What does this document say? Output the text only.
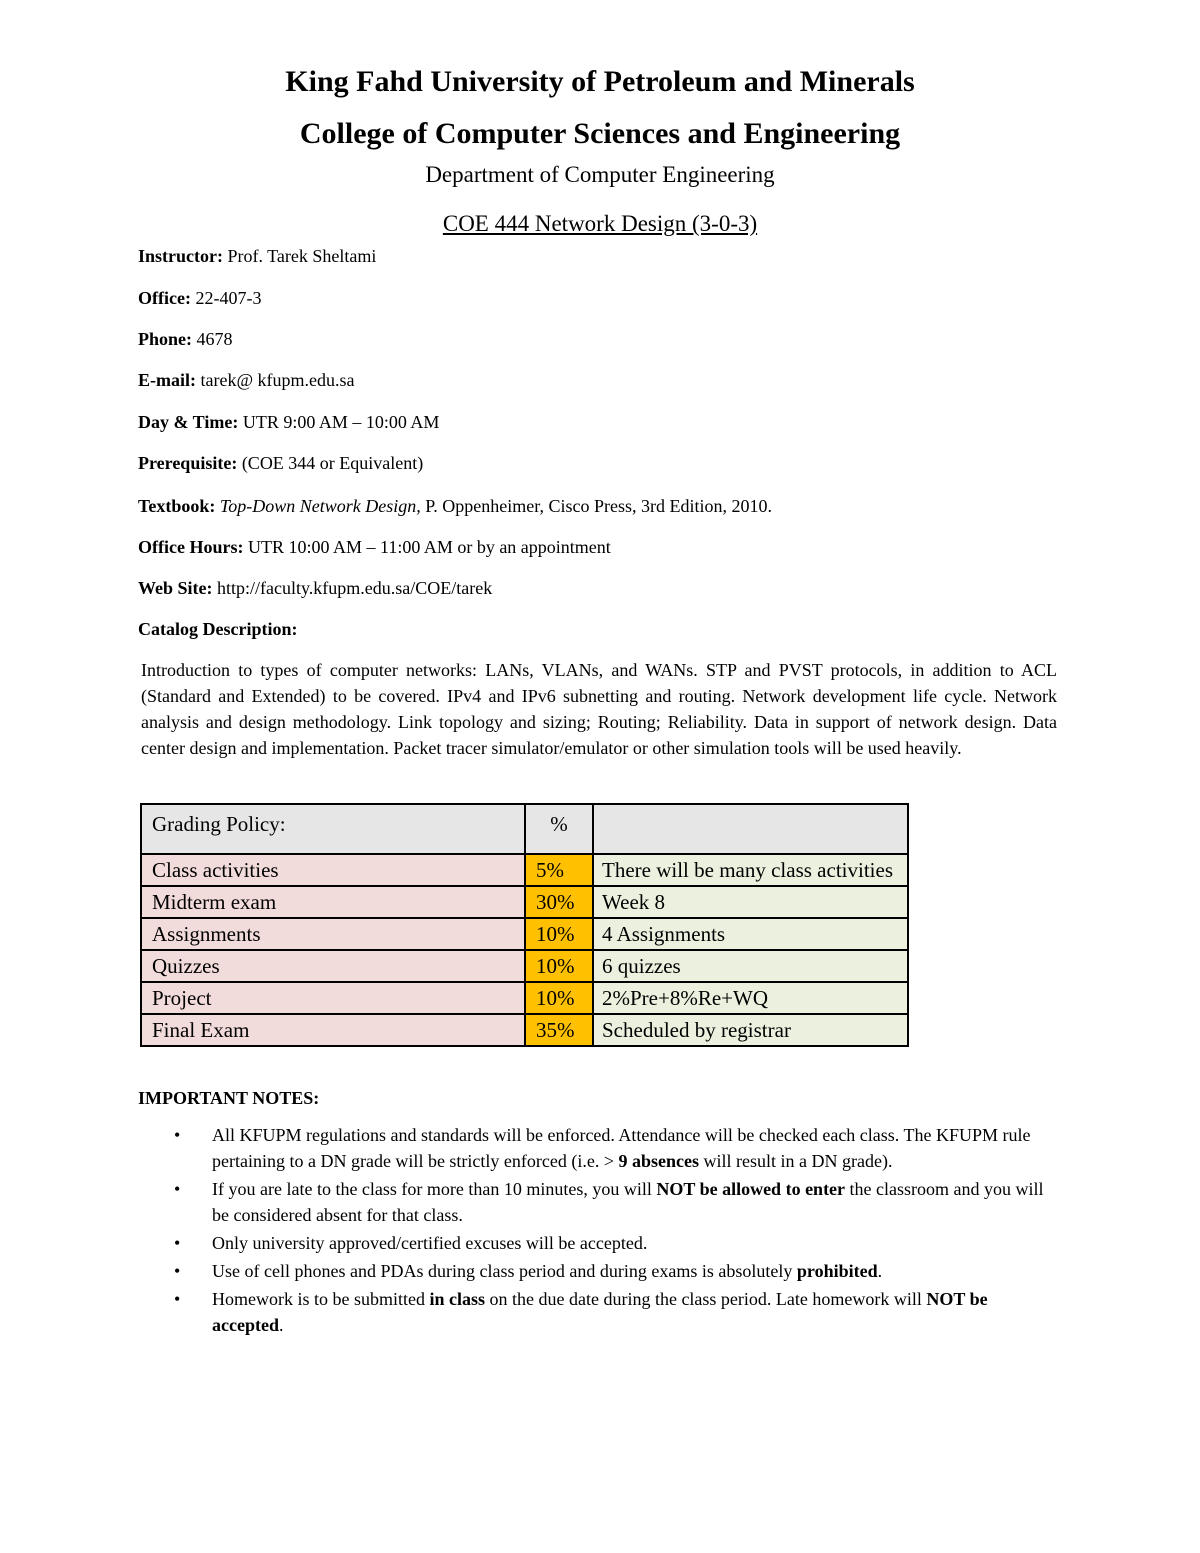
King Fahd University of Petroleum and Minerals
College of Computer Sciences and Engineering
Department of Computer Engineering
COE 444 Network Design (3-0-3)
Instructor: Prof. Tarek Sheltami
Office: 22-407-3
Phone: 4678
E-mail: tarek@ kfupm.edu.sa
Day & Time: UTR 9:00 AM – 10:00 AM
Prerequisite: (COE 344 or Equivalent)
Textbook: Top-Down Network Design, P. Oppenheimer, Cisco Press, 3rd Edition, 2010.
Office Hours: UTR 10:00 AM – 11:00 AM or by an appointment
Web Site: http://faculty.kfupm.edu.sa/COE/tarek
Catalog Description:
Introduction to types of computer networks: LANs, VLANs, and WANs. STP and PVST protocols, in addition to ACL (Standard and Extended) to be covered. IPv4 and IPv6 subnetting and routing. Network development life cycle. Network analysis and design methodology. Link topology and sizing; Routing; Reliability. Data in support of network design. Data center design and implementation. Packet tracer simulator/emulator or other simulation tools will be used heavily.
Grading Policy:	%	
Class activities	5%	There will be many class activities
Midterm exam	30%	Week 8
Assignments	10%	4 Assignments
Quizzes	10%	6 quizzes
Project	10%	2%Pre+8%Re+WQ
Final Exam	35%	Scheduled by registrar
IMPORTANT NOTES:
• All KFUPM regulations and standards will be enforced. Attendance will be checked each class. The KFUPM rule pertaining to a DN grade will be strictly enforced (i.e. > 9 absences will result in a DN grade).
• If you are late to the class for more than 10 minutes, you will NOT be allowed to enter the classroom and you will be considered absent for that class.
• Only university approved/certified excuses will be accepted.
• Use of cell phones and PDAs during class period and during exams is absolutely prohibited.
• Homework is to be submitted in class on the due date during the class period. Late homework will NOT be accepted.
